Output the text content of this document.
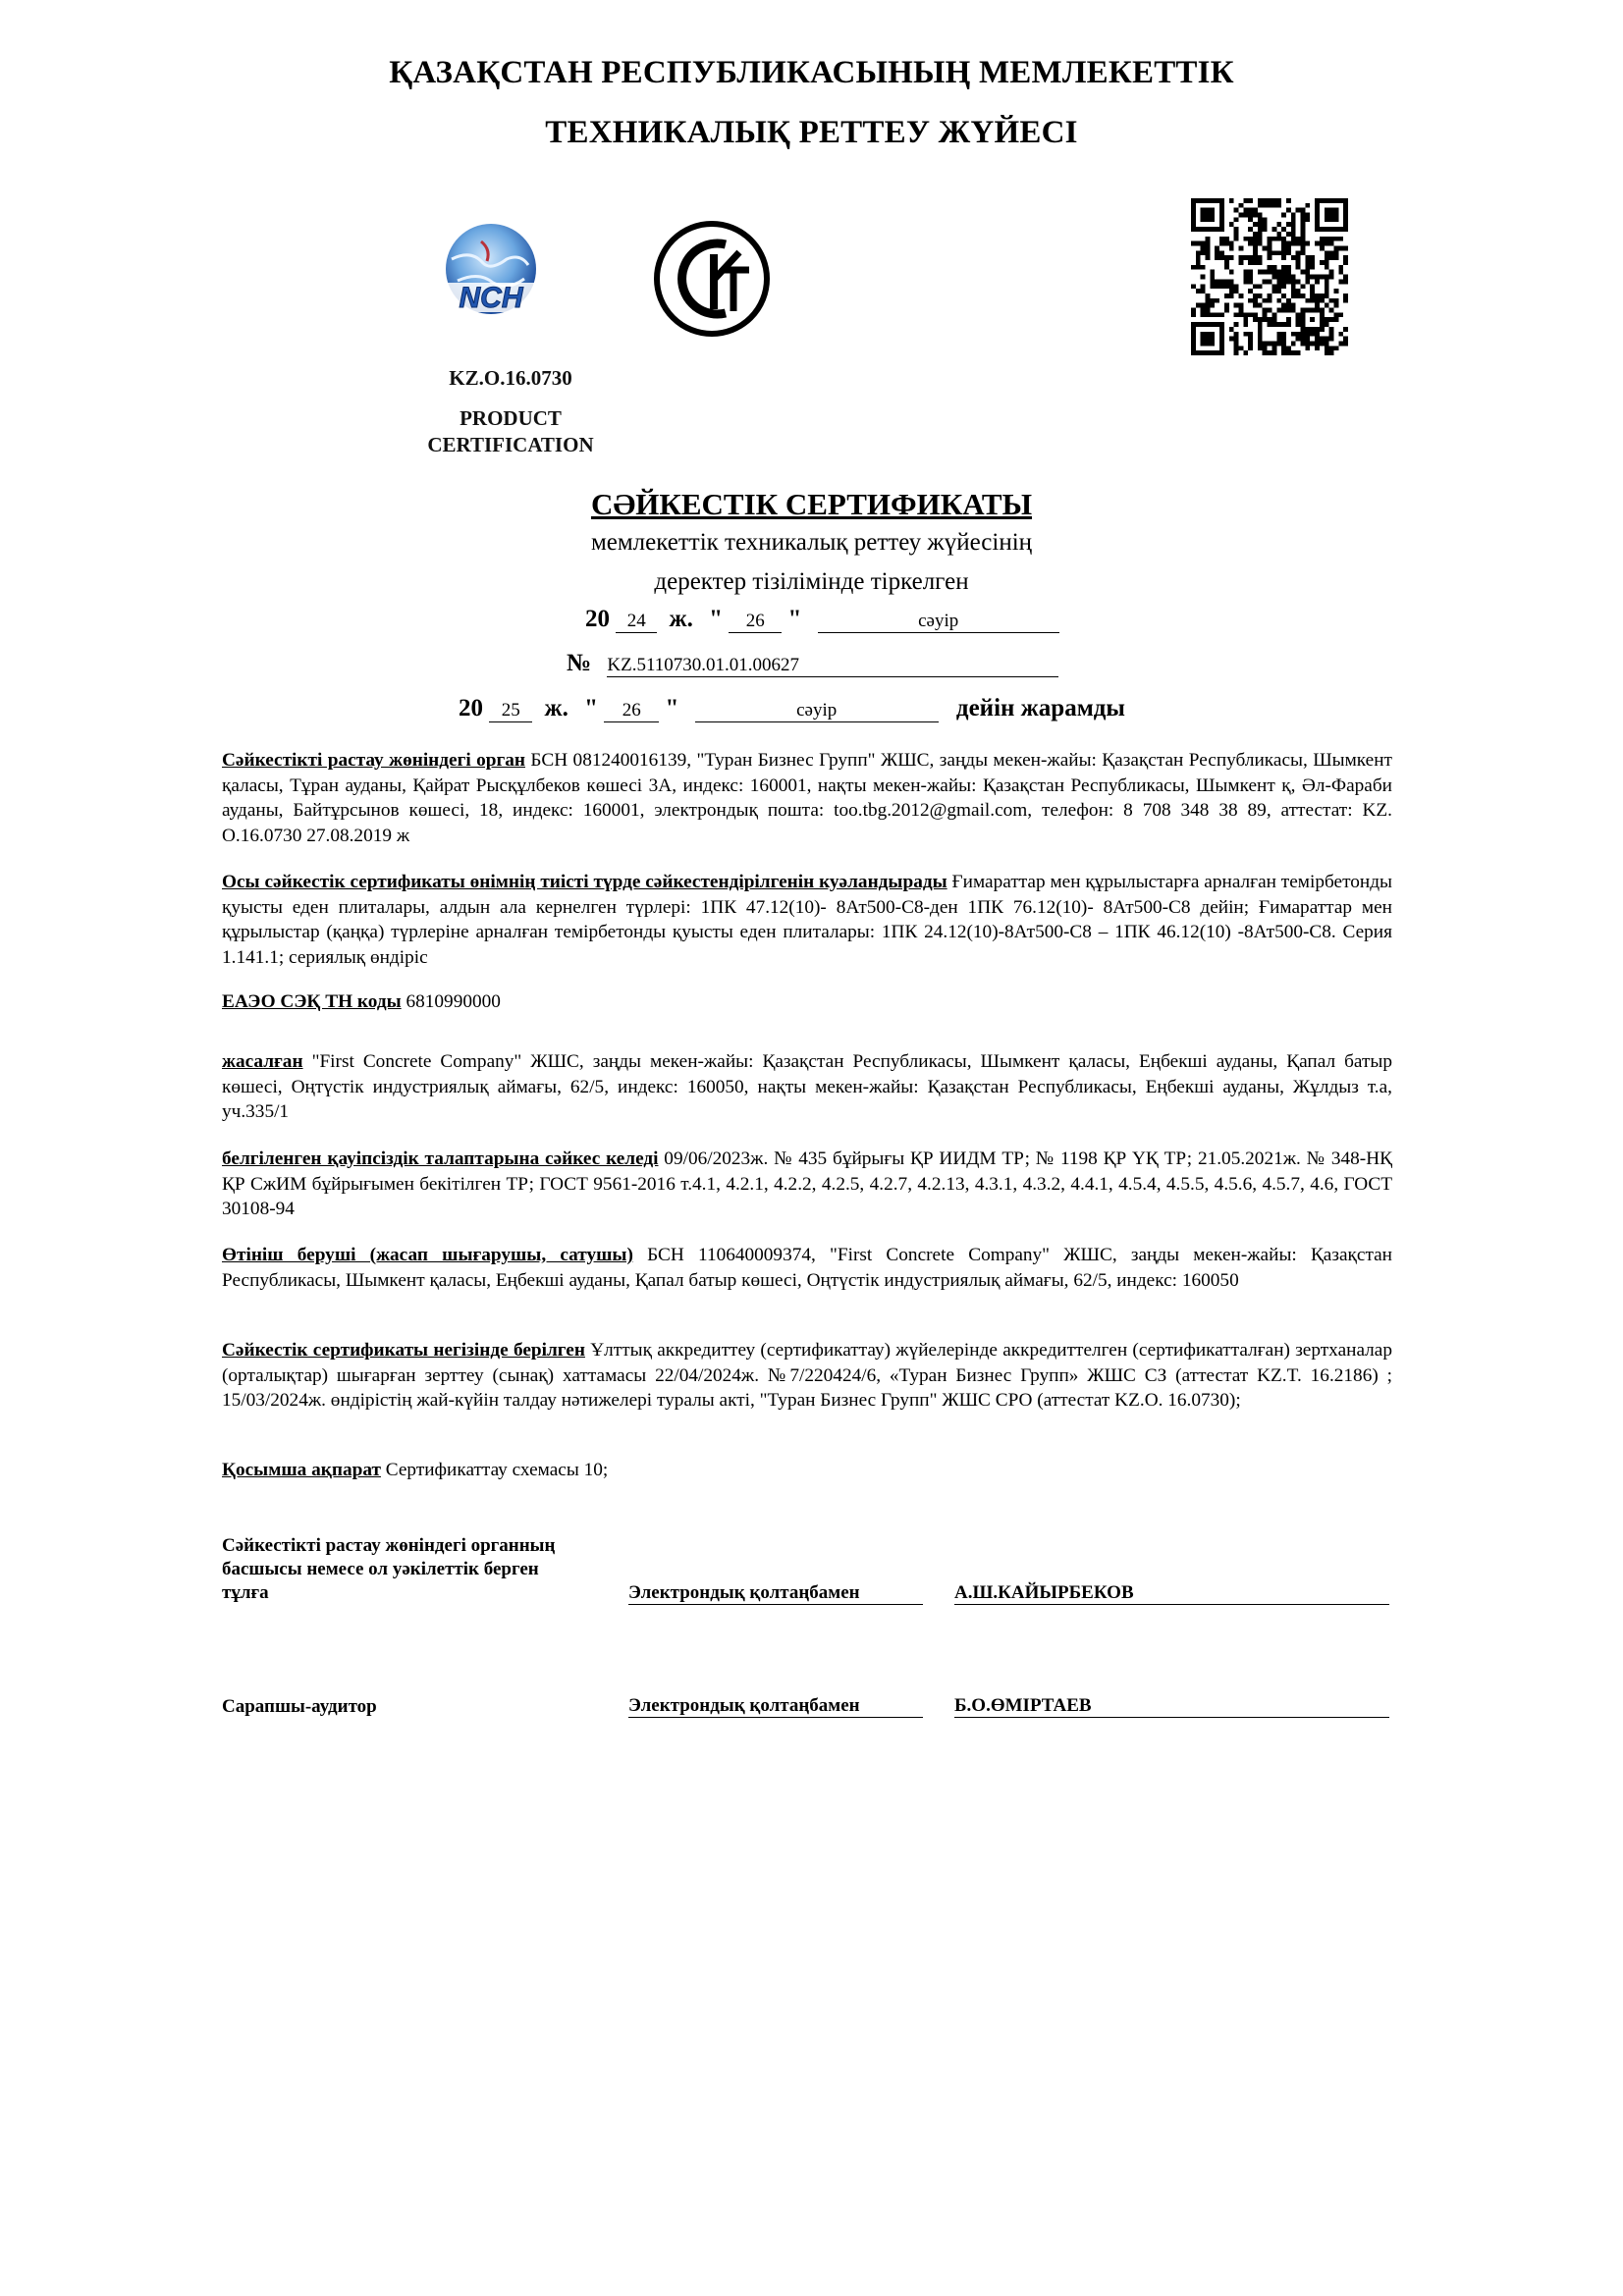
ҚАЗАҚСТАН РЕСПУБЛИКАСЫНЫҢ МЕМЛЕКЕТТІК
ТЕХНИКАЛЫҚ РЕТТЕУ ЖҮЙЕСІ
NCH
KZ.О.16.0730
PRODUCT
CERTIFICATION
СӘЙКЕСТІК СЕРТИФИКАТЫ
мемлекеттік техникалық реттеу жүйесінің
деректер тізілімінде тіркелген
20 24 ж. " 26 "	сәуір
№ KZ.5110730.01.01.00627
20 25 ж. " 26 "	сәуір	дейін жарамды
Сәйкестікті растау жөніндегі орган БСН 081240016139, "Туран Бизнес Групп" ЖШС, заңды мекен-жайы: Қазақстан Республикасы, Шымкент қаласы, Тұран ауданы, Қайрат Рысқұлбеков көшесі 3А, индекс: 160001, нақты мекен-жайы: Қазақстан Республикасы, Шымкент қ, Әл-Фараби ауданы, Байтұрсынов көшесі, 18, индекс: 160001, электрондық пошта: too.tbg.2012@gmail.com, телефон: 8 708 348 38 89, аттестат: KZ. О.16.0730 27.08.2019 ж
Осы сәйкестік сертификаты өнімнің тиісті түрде сәйкестендірілгенін куәландырады Ғимараттар мен құрылыстарға арналған темірбетонды қуысты еден плиталары, алдын ала кернелген түрлері: 1ПК 47.12(10)- 8Ат500-С8-ден 1ПК 76.12(10)- 8Ат500-С8 дейін; Ғимараттар мен құрылыстар (қаңқа) түрлеріне арналған темірбетонды қуысты еден плиталары: 1ПК 24.12(10)-8Ат500-С8 – 1ПК 46.12(10) -8Ат500-С8. Серия 1.141.1; сериялық өндіріс
ЕАЭО СЭҚ ТН коды 6810990000
жасалған "First Concrete Company" ЖШС, заңды мекен-жайы: Қазақстан Республикасы, Шымкент қаласы, Еңбекші ауданы, Қапал батыр көшесі, Оңтүстік индустриялық аймағы, 62/5, индекс: 160050, нақты мекен-жайы: Қазақстан Республикасы, Еңбекші ауданы, Жұлдыз т.а, уч.335/1
белгіленген қауіпсіздік талаптарына сәйкес келеді 09/06/2023ж. № 435 бұйрығы ҚР ИИДМ ТР; № 1198 ҚР ҮҚ ТР; 21.05.2021ж. № 348-НҚ ҚР СжИМ бұйрығымен бекітілген ТР; ГОСТ 9561-2016 т.4.1, 4.2.1, 4.2.2, 4.2.5, 4.2.7, 4.2.13, 4.3.1, 4.3.2, 4.4.1, 4.5.4, 4.5.5, 4.5.6, 4.5.7, 4.6, ГОСТ 30108-94
Өтініш беруші (жасап шығарушы, сатушы) БСН 110640009374, "First Concrete Company" ЖШС, заңды мекен-жайы: Қазақстан Республикасы, Шымкент қаласы, Еңбекші ауданы, Қапал батыр көшесі, Оңтүстік индустриялық аймағы, 62/5, индекс: 160050
Сәйкестік сертификаты негізінде берілген Ұлттық аккредиттеу (сертификаттау) жүйелерінде аккредиттелген (сертификатталған) зертханалар (орталықтар) шығарған зерттеу (сынақ) хаттамасы 22/04/2024ж. №7/220424/6, «Туран Бизнес Групп» ЖШС СЗ (аттестат KZ.T. 16.2186) ; 15/03/2024ж. өндірістің жай-күйін талдау нәтижелері туралы акті, "Туран Бизнес Групп" ЖШС СРО (аттестат KZ.О. 16.0730);
Қосымша ақпарат Сертификаттау схемасы 10;
Сәйкестікті растау жөніндегі органның
басшысы немесе ол уәкілеттік берген
тұлға	Электрондық қолтаңбамен	А.Ш.КАЙЫРБЕКОВ
Сарапшы-аудитор	Электрондық қолтаңбамен	Б.О.ӨМІРТАЕВ
